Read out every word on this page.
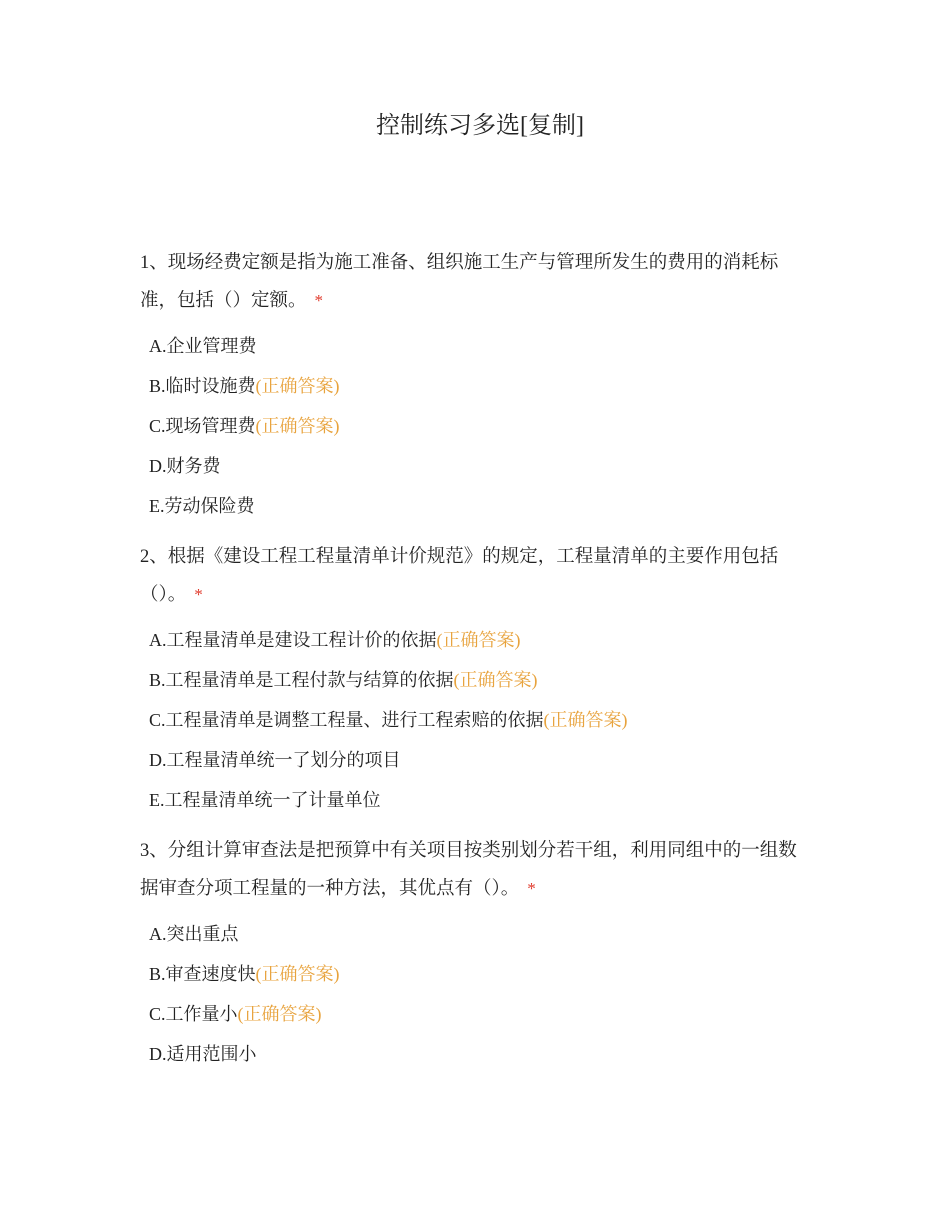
控制练习多选[复制]
1、现场经费定额是指为施工准备、组织施工生产与管理所发生的费用的消耗标准，包括（）定额。 *
A.企业管理费
B.临时设施费(正确答案)
C.现场管理费(正确答案)
D.财务费
E.劳动保险费
2、根据《建设工程工程量清单计价规范》的规定，工程量清单的主要作用包括（）。 *
A.工程量清单是建设工程计价的依据(正确答案)
B.工程量清单是工程付款与结算的依据(正确答案)
C.工程量清单是调整工程量、进行工程索赔的依据(正确答案)
D.工程量清单统一了划分的项目
E.工程量清单统一了计量单位
3、分组计算审查法是把预算中有关项目按类别划分若干组，利用同组中的一组数据审查分项工程量的一种方法，其优点有（）。 *
A.突出重点
B.审查速度快(正确答案)
C.工作量小(正确答案)
D.适用范围小
